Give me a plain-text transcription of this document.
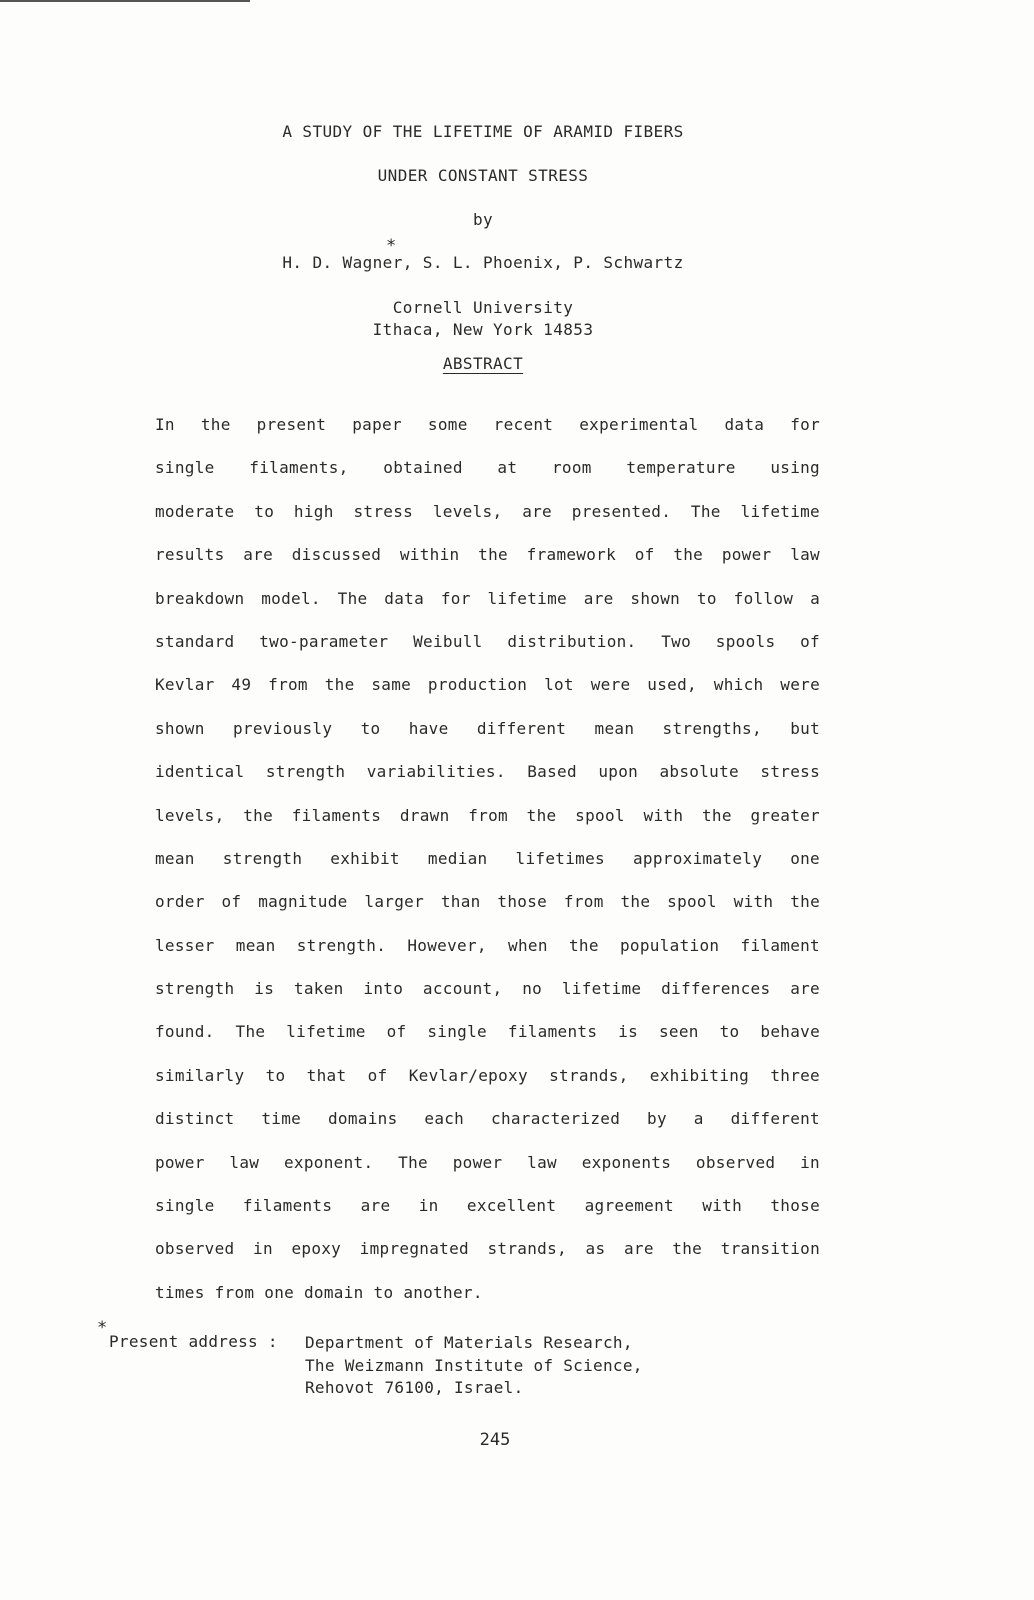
A STUDY OF THE LIFETIME OF ARAMID FIBERS
UNDER CONSTANT STRESS
by
*
H. D. Wagner, S. L. Phoenix, P. Schwartz
Cornell University
Ithaca, New York 14853
ABSTRACT
In the present paper some recent experimental data for
single filaments, obtained at room temperature using
moderate to high stress levels, are presented. The lifetime
results are discussed within the framework of the power law
breakdown model. The data for lifetime are shown to follow a
standard two-parameter Weibull distribution. Two spools of
Kevlar 49 from the same production lot were used, which were
shown previously to have different mean strengths, but
identical strength variabilities. Based upon absolute stress
levels, the filaments drawn from the spool with the greater
mean strength exhibit median lifetimes approximately one
order of magnitude larger than those from the spool with the
lesser mean strength. However, when the population filament
strength is taken into account, no lifetime differences are
found. The lifetime of single filaments is seen to behave
similarly to that of Kevlar/epoxy strands, exhibiting three
distinct time domains each characterized by a different
power law exponent. The power law exponents observed in
single filaments are in excellent agreement with those
observed in epoxy impregnated strands, as are the transition
times from one domain to another.
*
Present address : Department of Materials Research,
The Weizmann Institute of Science,
Rehovot 76100, Israel.
245
